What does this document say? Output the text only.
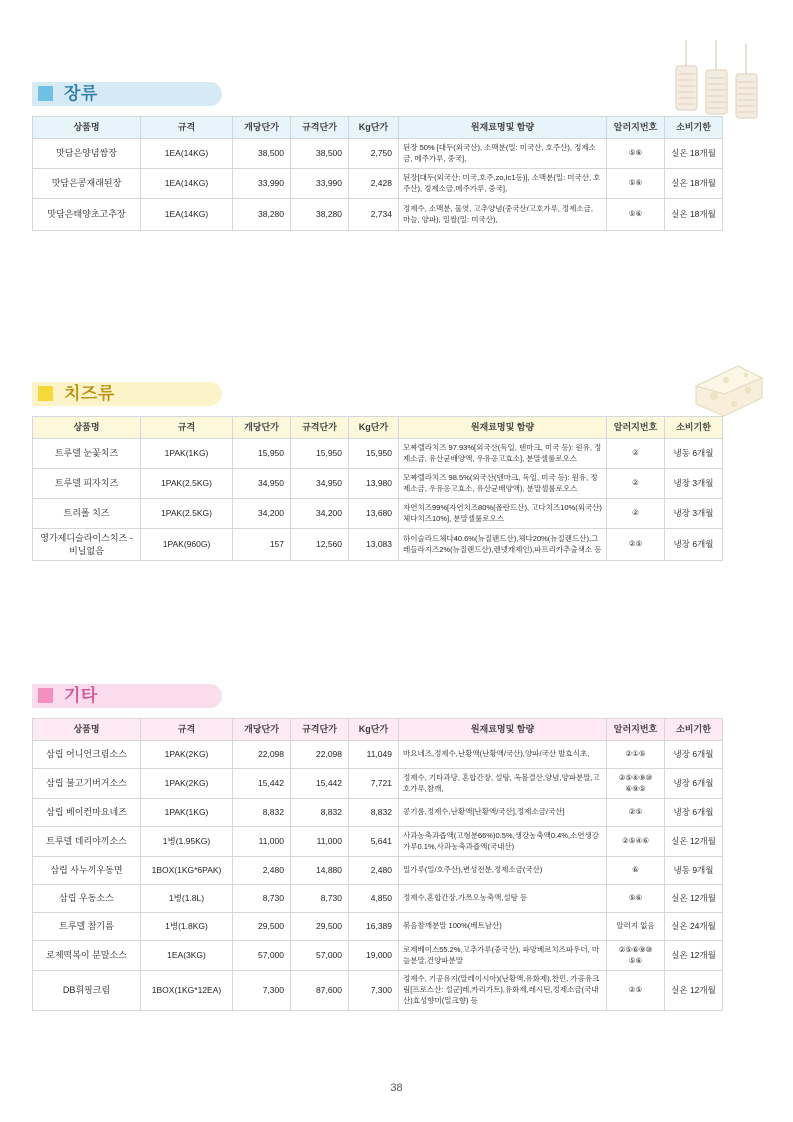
장류
상품명	규격	개당단가	규격단가	Kg단가	원재료명및 함량	알러지번호	소비기한
맛담은양념쌈장	1EA(14KG)	38,500	38,500	2,750	된장 50% [대두(외국산), 소맥분(밀: 미국산, 호주산), 정제소금, 메주가루, 중국],	⑤⑥	실온 18개월
맛담은콩재래된장	1EA(14KG)	33,990	33,990	2,428	된장[대두(외국산: 미국,호주,zo,Ic1등)], 소맥분(밀: 미국산, 호주산), 정제소금,메주가루, 중국],	⑤⑥	실온 18개월
맛담은태양초고추장	1EA(14KG)	38,280	38,280	2,734	정제수, 소맥분, 물엿, 고추양념(중국산/고호가루, 정제소금, 마늘, 양파), 밀쌀(밀: 미국산),	⑤⑥	실온 18개월
치즈류
상품명	규격	개당단가	규격단가	Kg단가	원재료명및 함량	알러지번호	소비기한
트루델 눈꽃치즈	1PAK(1KG)	15,950	15,950	15,950	모짜렐라치즈 97.93%[외국산(독일, 덴마크, 미국 등): 원유, 정제소금, 유산균배양액, 우유응고효소], 분말셀룰로오스	②	냉동 6개월
트루델 피자치즈	1PAK(2.5KG)	34,950	34,950	13,980	모짜렐라치즈 98.5%(외국산(덴마크, 독일, 미국 등): 원유, 정제소금, 우유응고효소, 유산균배양액), 분말셀룰로오스	②	냉장 3개월
트리폴 치즈	1PAK(2.5KG)	34,200	34,200	13,680	자연치즈99%[자연치즈80%(폴란드산), 고다치즈10%(외국산)체다치즈10%], 분말셀룰로오스	②	냉장 3개월
영가제디슬라이스치즈 -비닐없음	1PAK(960G)	157	12,560	13,083	하이슬라드체다40.6%(뉴질랜드산),체다20%(뉴질랜드산),그레들라지즈2%(뉴질랜드산),렌넷캐제인),파프리카추출색소 등	②⑤	냉장 6개월
기타
상품명	규격	개당단가	규격단가	Kg단가	원재료명및 함량	알러지번호	소비기한
삼립 어니언크림소스	1PAK(2KG)	22,098	22,098	11,049	마요네즈,정제수,난황액(난황액/국산),양파/국산 발효식초,	②①⑤	냉장 6개월
삼립 불고기버거소스	1PAK(2KG)	15,442	15,442	7,721	정제수, 기타과당, 혼합간장, 설탕, 옥볼결산,양념,양파분말,고호가루,참깨,	②⑤④⑨⑩ ⑥⑨⑤	냉장 6개월
삼립 베이컨마요네즈	1PAK(1KG)	8,832	8,832	8,832	콩기름,정제수,난황액[난황액/국산],정제소금/국산]	②⑤	냉장 6개월
트루델 데리야끼소스	1병(1.95KG)	11,000	11,000	5,641	사과농축과즙액(고형분66%)0.5%,생강농축액0.4%,소연생강가루0.1%,사과농축과즙액(국내산)	②⑤④⑥	실온 12개월
삼립 사누끼우동면	1BOX(1KG*6PAK)	2,480	14,880	2,480	밀가루(밀/호주산),변성전분,정제소금(국산)	⑥	냉동 9개월
삼립 우동소스	1병(1.8L)	8,730	8,730	4,850	정제수,혼합간장,가쯔오농축액,설탕 등	⑤⑥	실온 12개월
트루델 참기름	1병(1.8KG)	29,500	29,500	16,389	볶음참깨분말 100%(베트남산)	알러지 없음	실온 24개월
로제떡복이 분말소스	1EA(3KG)	57,000	57,000	19,000	로제베이스55.2%,고추가루(중국산), 파망베르치즈파우더, 마늘분말,건양파분말	②⑤⑥⑨⑩ ⑤⑥	실온 12개월
DB휘핑크림	1BOX(1KG*12EA)	7,300	87,600	7,300	정제수, 기공유지(말레이시아)(난황액,유화제),찬민, 가공유크림[프로스산: 설군]레,카리가트),유화제,레시틴,정제소금(국내산)효성향미(밀크향) 등	②⑤	실온 12개월
38
